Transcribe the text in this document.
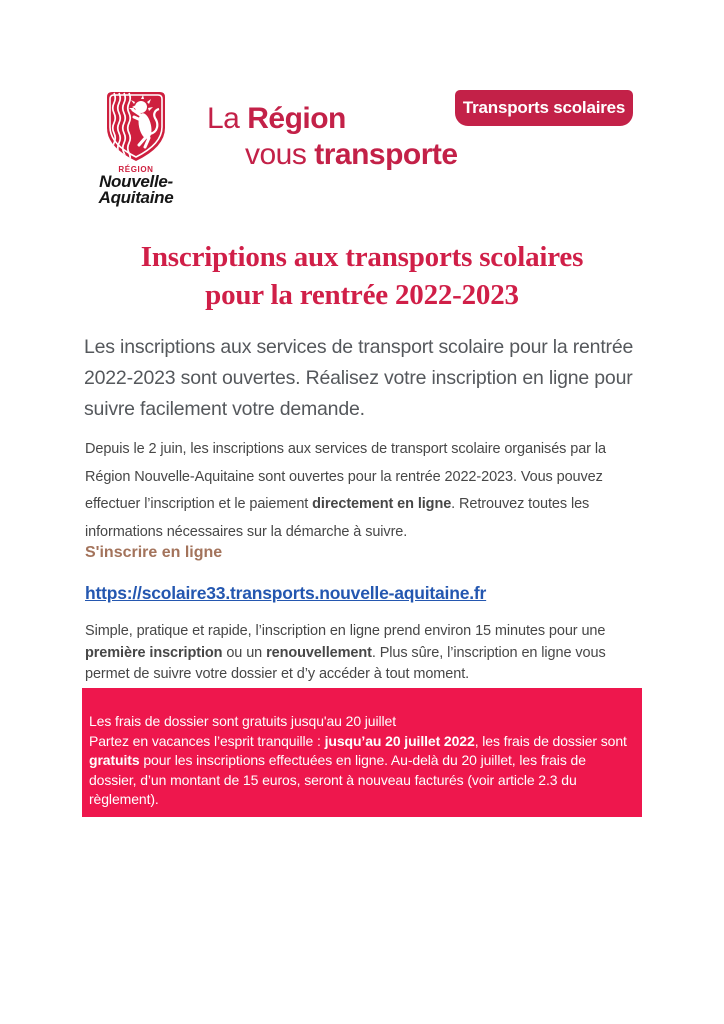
RÉGION
Nouvelle-
Aquitaine
La Région
vous transporte
Transports scolaires
Inscriptions aux transports scolaires
pour la rentrée 2022-2023

Les inscriptions aux services de transport scolaire pour la rentrée 2022-2023 sont ouvertes. Réalisez votre inscription en ligne pour suivre facilement votre demande.

Depuis le 2 juin, les inscriptions aux services de transport scolaire organisés par la Région Nouvelle-Aquitaine sont ouvertes pour la rentrée 2022-2023. Vous pouvez effectuer l’inscription et le paiement directement en ligne. Retrouvez toutes les informations nécessaires sur la démarche à suivre.

S'inscrire en ligne
https://scolaire33.transports.nouvelle-aquitaine.fr

Simple, pratique et rapide, l’inscription en ligne prend environ 15 minutes pour une première inscription ou un renouvellement. Plus sûre, l’inscription en ligne vous permet de suivre votre dossier et d’y accéder à tout moment.

Les frais de dossier sont gratuits jusqu'au 20 juillet
Partez en vacances l’esprit tranquille : jusqu’au 20 juillet 2022, les frais de dossier sont gratuits pour les inscriptions effectuées en ligne. Au-delà du 20 juillet, les frais de dossier, d’un montant de 15 euros, seront à nouveau facturés (voir article 2.3 du règlement).
